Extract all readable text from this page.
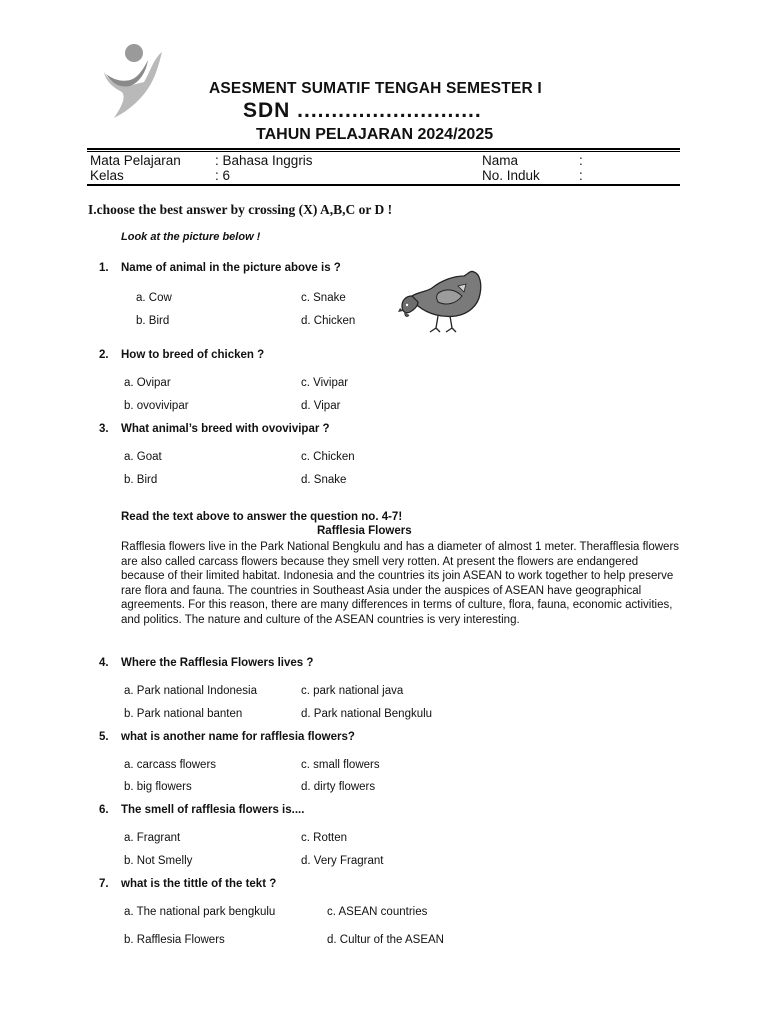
ASESMENT SUMATIF TENGAH SEMESTER I
SDN ...........................
TAHUN PELAJARAN 2024/2025
Mata Pelajaran	: Bahasa Inggris	Nama	:
Kelas	: 6	No. Induk	:
I.choose the best answer by crossing (X) A,B,C or D !
Look at the picture below !
1. Name of animal in the picture above is ?
a. Cow	c. Snake
b. Bird	d. Chicken
2. How to breed of chicken ?
a. Ovipar	c. Vivipar
b. ovovivipar	d. Vipar
3. What animal’s breed with ovovivipar ?
a. Goat	c. Chicken
b. Bird	d. Snake
Read the text above to answer the question no. 4-7!
Rafflesia Flowers
Rafflesia flowers live in the Park National Bengkulu and has a diameter of almost 1 meter. Therafflesia flowers are also called carcass flowers because they smell very rotten. At present the flowers are endangered because of their limited habitat. Indonesia and the countries its join ASEAN to work together to help preserve rare flora and fauna. The countries in Southeast Asia under the auspices of ASEAN have geographical agreements. For this reason, there are many differences in terms of culture, flora, fauna, economic activities, and politics. The nature and culture of the ASEAN countries is very interesting.
4. Where the Rafflesia Flowers lives ?
a. Park national Indonesia	c. park national java
b. Park national banten	d. Park national Bengkulu
5. what is another name for rafflesia flowers?
a. carcass flowers	c. small flowers
b. big flowers	d. dirty flowers
6. The smell of rafflesia flowers is....
a. Fragrant	c. Rotten
b. Not Smelly	d. Very Fragrant
7. what is the tittle of the tekt ?
a. The national park bengkulu	c. ASEAN countries
b. Rafflesia Flowers	d. Cultur of the ASEAN
